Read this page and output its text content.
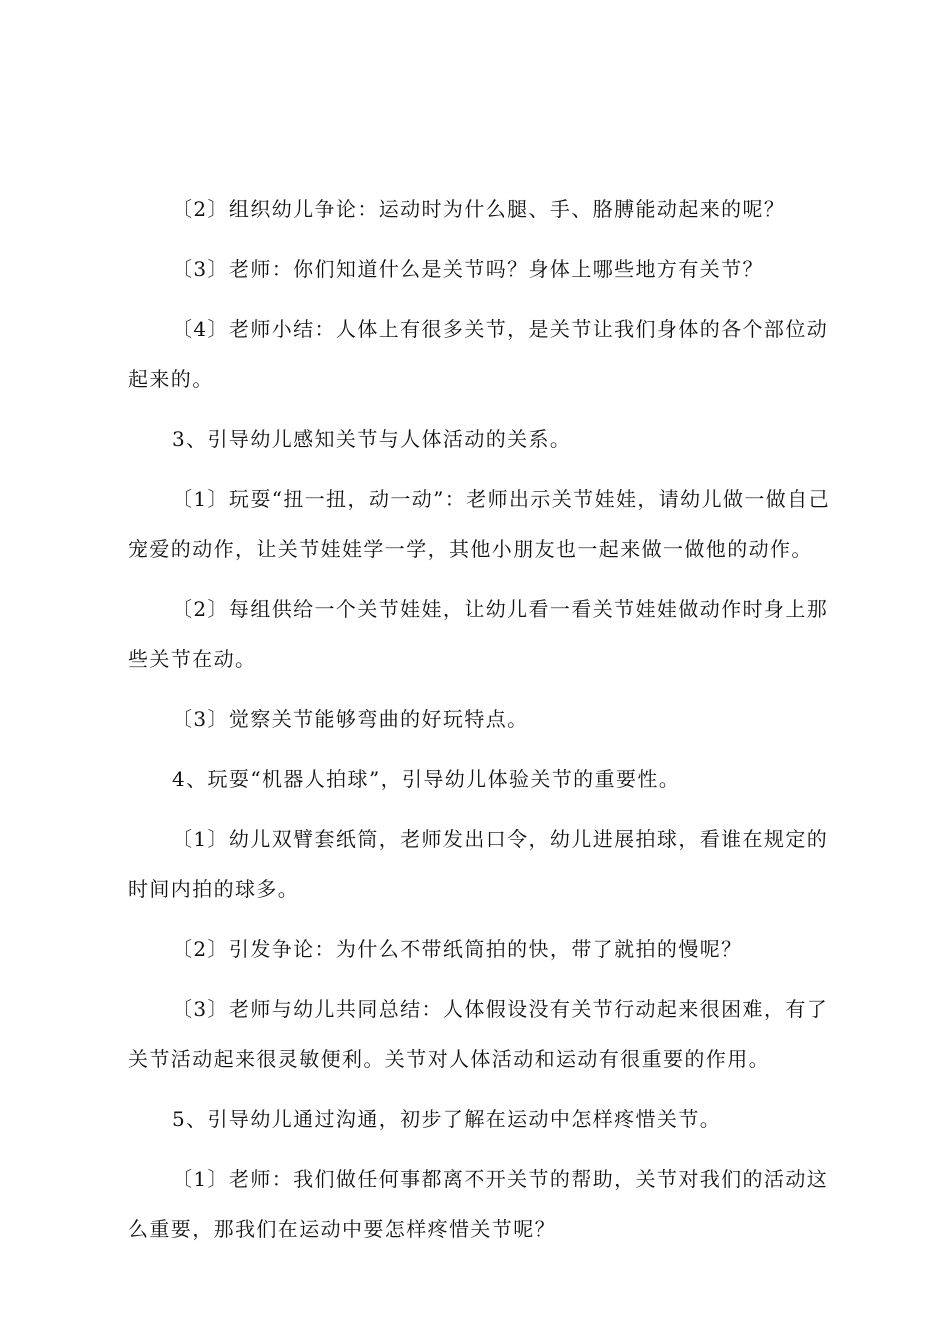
〔2〕组织幼儿争论：运动时为什么腿、手、胳膊能动起来的呢？

〔3〕老师：你们知道什么是关节吗？身体上哪些地方有关节？

〔4〕老师小结：人体上有很多关节，是关节让我们身体的各个部位动起来的。

3、引导幼儿感知关节与人体活动的关系。

〔1〕玩耍“扭一扭，动一动”：老师出示关节娃娃，请幼儿做一做自己宠爱的动作，让关节娃娃学一学，其他小朋友也一起来做一做他的动作。

〔2〕每组供给一个关节娃娃，让幼儿看一看关节娃娃做动作时身上那些关节在动。

〔3〕觉察关节能够弯曲的好玩特点。

4、玩耍“机器人拍球”，引导幼儿体验关节的重要性。

〔1〕幼儿双臂套纸筒，老师发出口令，幼儿进展拍球，看谁在规定的时间内拍的球多。

〔2〕引发争论：为什么不带纸筒拍的快，带了就拍的慢呢？

〔3〕老师与幼儿共同总结：人体假设没有关节行动起来很困难，有了关节活动起来很灵敏便利。关节对人体活动和运动有很重要的作用。

5、引导幼儿通过沟通，初步了解在运动中怎样疼惜关节。

〔1〕老师：我们做任何事都离不开关节的帮助，关节对我们的活动这么重要，那我们在运动中要怎样疼惜关节呢？
